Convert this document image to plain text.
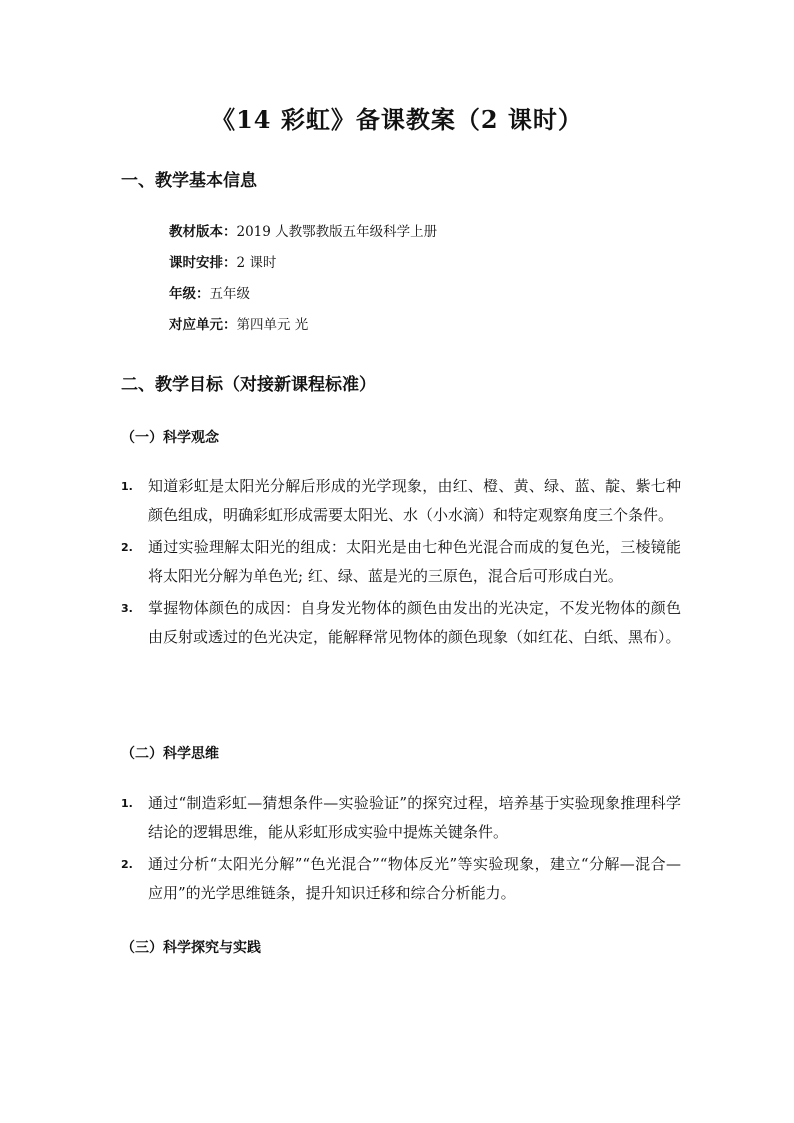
《14 彩虹》备课教案（2 课时）
一、教学基本信息
教材版本：2019 人教鄂教版五年级科学上册
课时安排：2 课时
年级：五年级
对应单元：第四单元 光
二、教学目标（对接新课程标准）
（一）科学观念
1. 知道彩虹是太阳光分解后形成的光学现象，由红、橙、黄、绿、蓝、靛、紫七种颜色组成，明确彩虹形成需要太阳光、水（小水滴）和特定观察角度三个条件。
2. 通过实验理解太阳光的组成：太阳光是由七种色光混合而成的复色光，三棱镜能将太阳光分解为单色光; 红、绿、蓝是光的三原色，混合后可形成白光。
3. 掌握物体颜色的成因：自身发光物体的颜色由发出的光决定，不发光物体的颜色由反射或透过的色光决定，能解释常见物体的颜色现象（如红花、白纸、黑布）。
（二）科学思维
1. 通过“制造彩虹—猜想条件—实验验证”的探究过程，培养基于实验现象推理科学结论的逻辑思维，能从彩虹形成实验中提炼关键条件。
2. 通过分析“太阳光分解”“色光混合”“物体反光”等实验现象，建立“分解—混合—应用”的光学思维链条，提升知识迁移和综合分析能力。
（三）科学探究与实践
